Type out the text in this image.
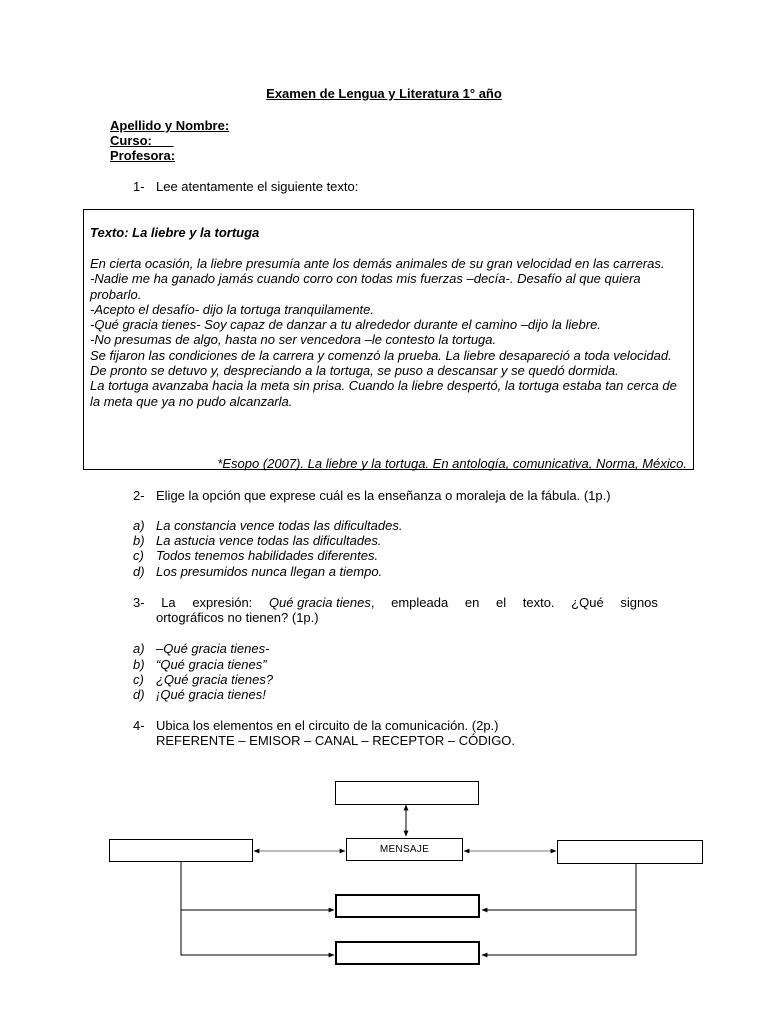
Examen de Lengua y Literatura 1° año
Apellido y Nombre:
Curso:
Profesora:
1- Lee atentamente el siguiente texto:
Texto: La liebre y la tortuga

En cierta ocasión, la liebre presumía ante los demás animales de su gran velocidad en las carreras.

-Nadie me ha ganado jamás cuando corro con todas mis fuerzas –decía-. Desafío al que quiera probarlo.

-Acepto el desafío- dijo la tortuga tranquilamente.

-Qué gracia tienes- Soy capaz de danzar a tu alrededor durante el camino –dijo la liebre.

-No presumas de algo, hasta no ser vencedora –le contesto la tortuga.

Se fijaron las condiciones de la carrera y comenzó la prueba. La liebre desapareció a toda velocidad.

De pronto se detuvo y, despreciando a la tortuga, se puso a descansar y se quedó dormida.

La tortuga avanzaba hacia la meta sin prisa. Cuando la liebre despertó, la tortuga estaba tan cerca de la meta que ya no pudo alcanzarla.

*Esopo (2007). La liebre y la tortuga. En antología, comunicativa, Norma, México.
2- Elige la opción que exprese cuál es la enseñanza o moraleja de la fábula. (1p.)
a) La constancia vence todas las dificultades.
b) La astucia vence todas las dificultades.
c) Todos tenemos habilidades diferentes.
d) Los presumidos nunca llegan a tiempo.
3- La expresión: Qué gracia tienes, empleada en el texto. ¿Qué signos
ortográficos no tienen? (1p.)
a) –Qué gracia tienes-
b) “Qué gracia tienes”
c) ¿Qué gracia tienes?
d) ¡Qué gracia tienes!
4- Ubica los elementos en el circuito de la comunicación. (2p.)
REFERENTE – EMISOR – CANAL – RECEPTOR – CÓDIGO.
MENSAJE
